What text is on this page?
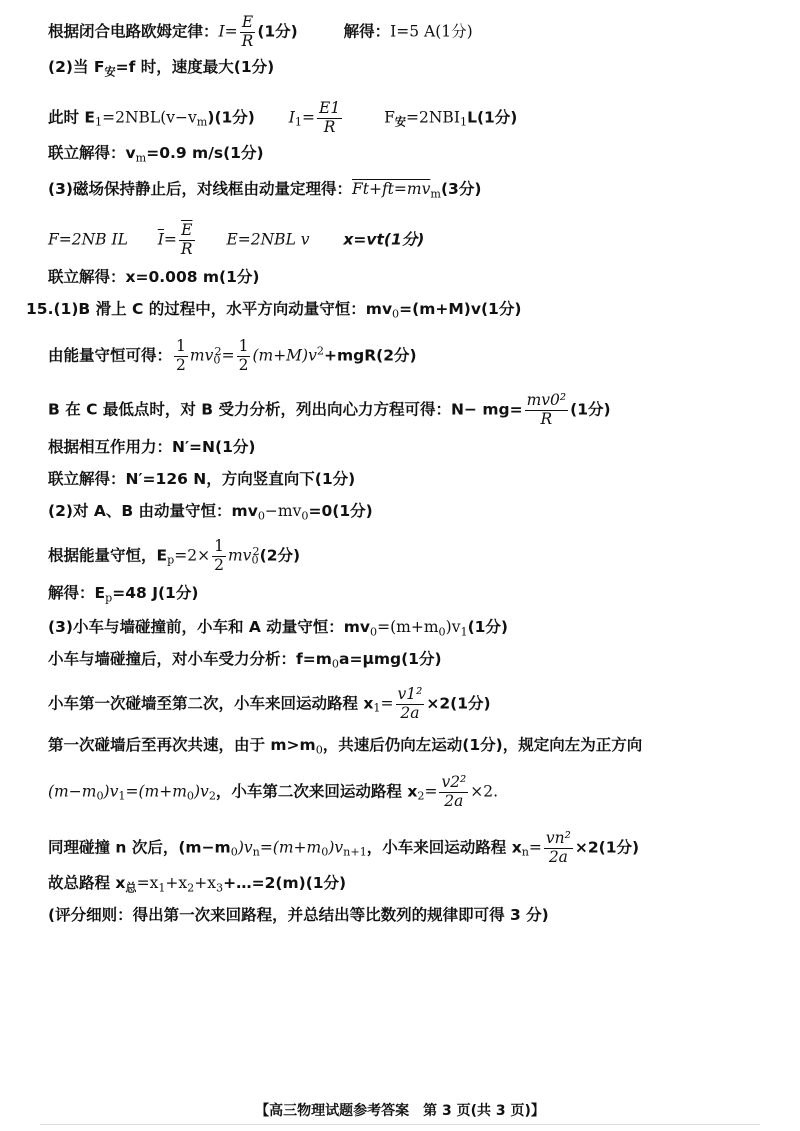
根据闭合电路欧姆定律：$I= \frac{E}{R} (1$分)	解得：I=5 A(1分)
(2)当 $F_安=f$ 时，速度最大(1分)
此时 $E_1=2NBL(v-v_m)(1$分) $I_1= \frac{E1}{R}$	$F_安=2NBI_1L(1$分)
联立解得：$v_m=0.9$ m/s(1分)
(3)磁场保持静止后，对线框由动量定理得：$Ft+ft=mv_m(3$分)
F=2NB IL $\overline{I}= \frac{\overline{E}}{R} E=2NBL$ v x=vt(1分)
联立解得：x=0.008 m(1分)
15.(1)B 滑上 C 的过程中，水平方向动量守恒：$mv_0=(m+M)v(1$分)
由能量守恒可得： $\frac{1}{2} mv_0^2= \frac{1}{2} (m+M)v^2+mgR(2$分)
B 在 C 最低点时，对 B 受力分析，列出向心力方程可得：$N- mg= \frac{\text{mv0²}}{R} (1$分)
根据相互作用力：N′=N(1分)
联立解得：N′=126 N，方向竖直向下(1分)
(2)对 A、B 由动量守恒：$mv_0-mv_0=0(1$分)
根据能量守恒，$E_p=2\times \frac{1}{2} mv_0^2(2$分)
解得：$E_p=48$ J(1分)
(3)小车与墙碰撞前，小车和 A 动量守恒：$mv_0=(m+m_0)v_1(1$分)
小车与墙碰撞后，对小车受力分析：$f=m_0a=\mu mg(1$分)
小车第一次碰墙至第二次，小车来回运动路程 $x_1= \frac{\text{v1²}}{2a} \times 2(1$分)
第一次碰墙后至再次共速，由于 $m>m_0$，共速后仍向左运动(1分)，规定向左为正方向
$(m-m_0)v_1=(m+m_0)v_2$，小车第二次来回运动路程 $x_2= \frac{\text{v2²}}{2a} \times 2$.
同理碰撞 n 次后，$(m-m_0)v_n=(m+m_0)v_{n+1}$，小车来回运动路程 $x_n= \frac{\text{vn²}}{2a} \times 2(1$分)
故总路程 $x_总=x_1+x_2+x_3+\dots=2(m)(1$分)
(评分细则：得出第一次来回路程，并总结出等比数列的规律即可得 3 分)
【高三物理试题参考答案　第 3 页(共 3 页)】
